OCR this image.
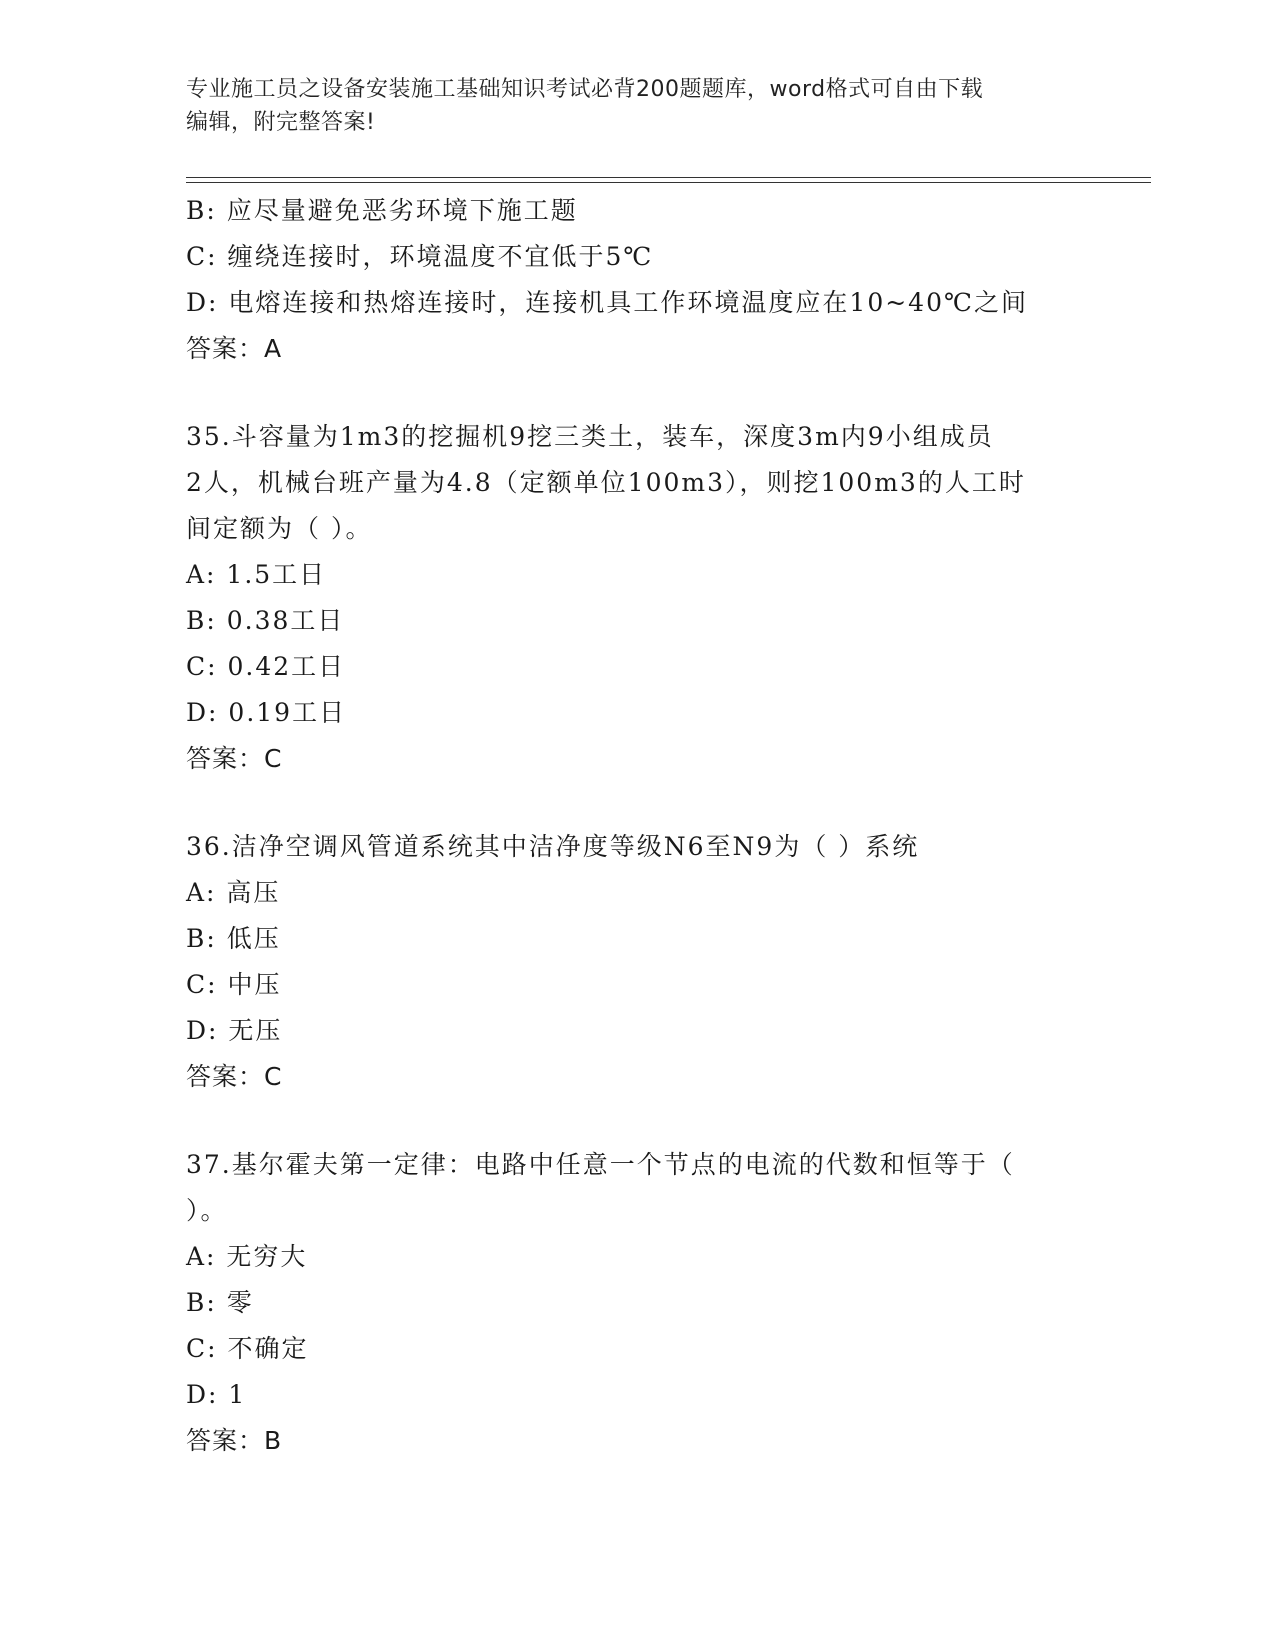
专业施工员之设备安装施工基础知识考试必背200题题库，word格式可自由下载
编辑，附完整答案!
B: 应尽量避免恶劣环境下施工题
C: 缠绕连接时，环境温度不宜低于5℃
D: 电熔连接和热熔连接时，连接机具工作环境温度应在10~40℃之间
答案：A
35.斗容量为1m3的挖掘机9挖三类土，装车，深度3m内9小组成员
2人，机械台班产量为4.8（定额单位100m3），则挖100m3的人工时
间定额为（ ）。
A: 1.5工日
B: 0.38工日
C: 0.42工日
D: 0.19工日
答案：C
36.洁净空调风管道系统其中洁净度等级N6至N9为（ ）系统
A: 高压
B: 低压
C: 中压
D: 无压
答案：C
37.基尔霍夫第一定律：电路中任意一个节点的电流的代数和恒等于（
）。
A: 无穷大
B: 零
C: 不确定
D: 1
答案：B
